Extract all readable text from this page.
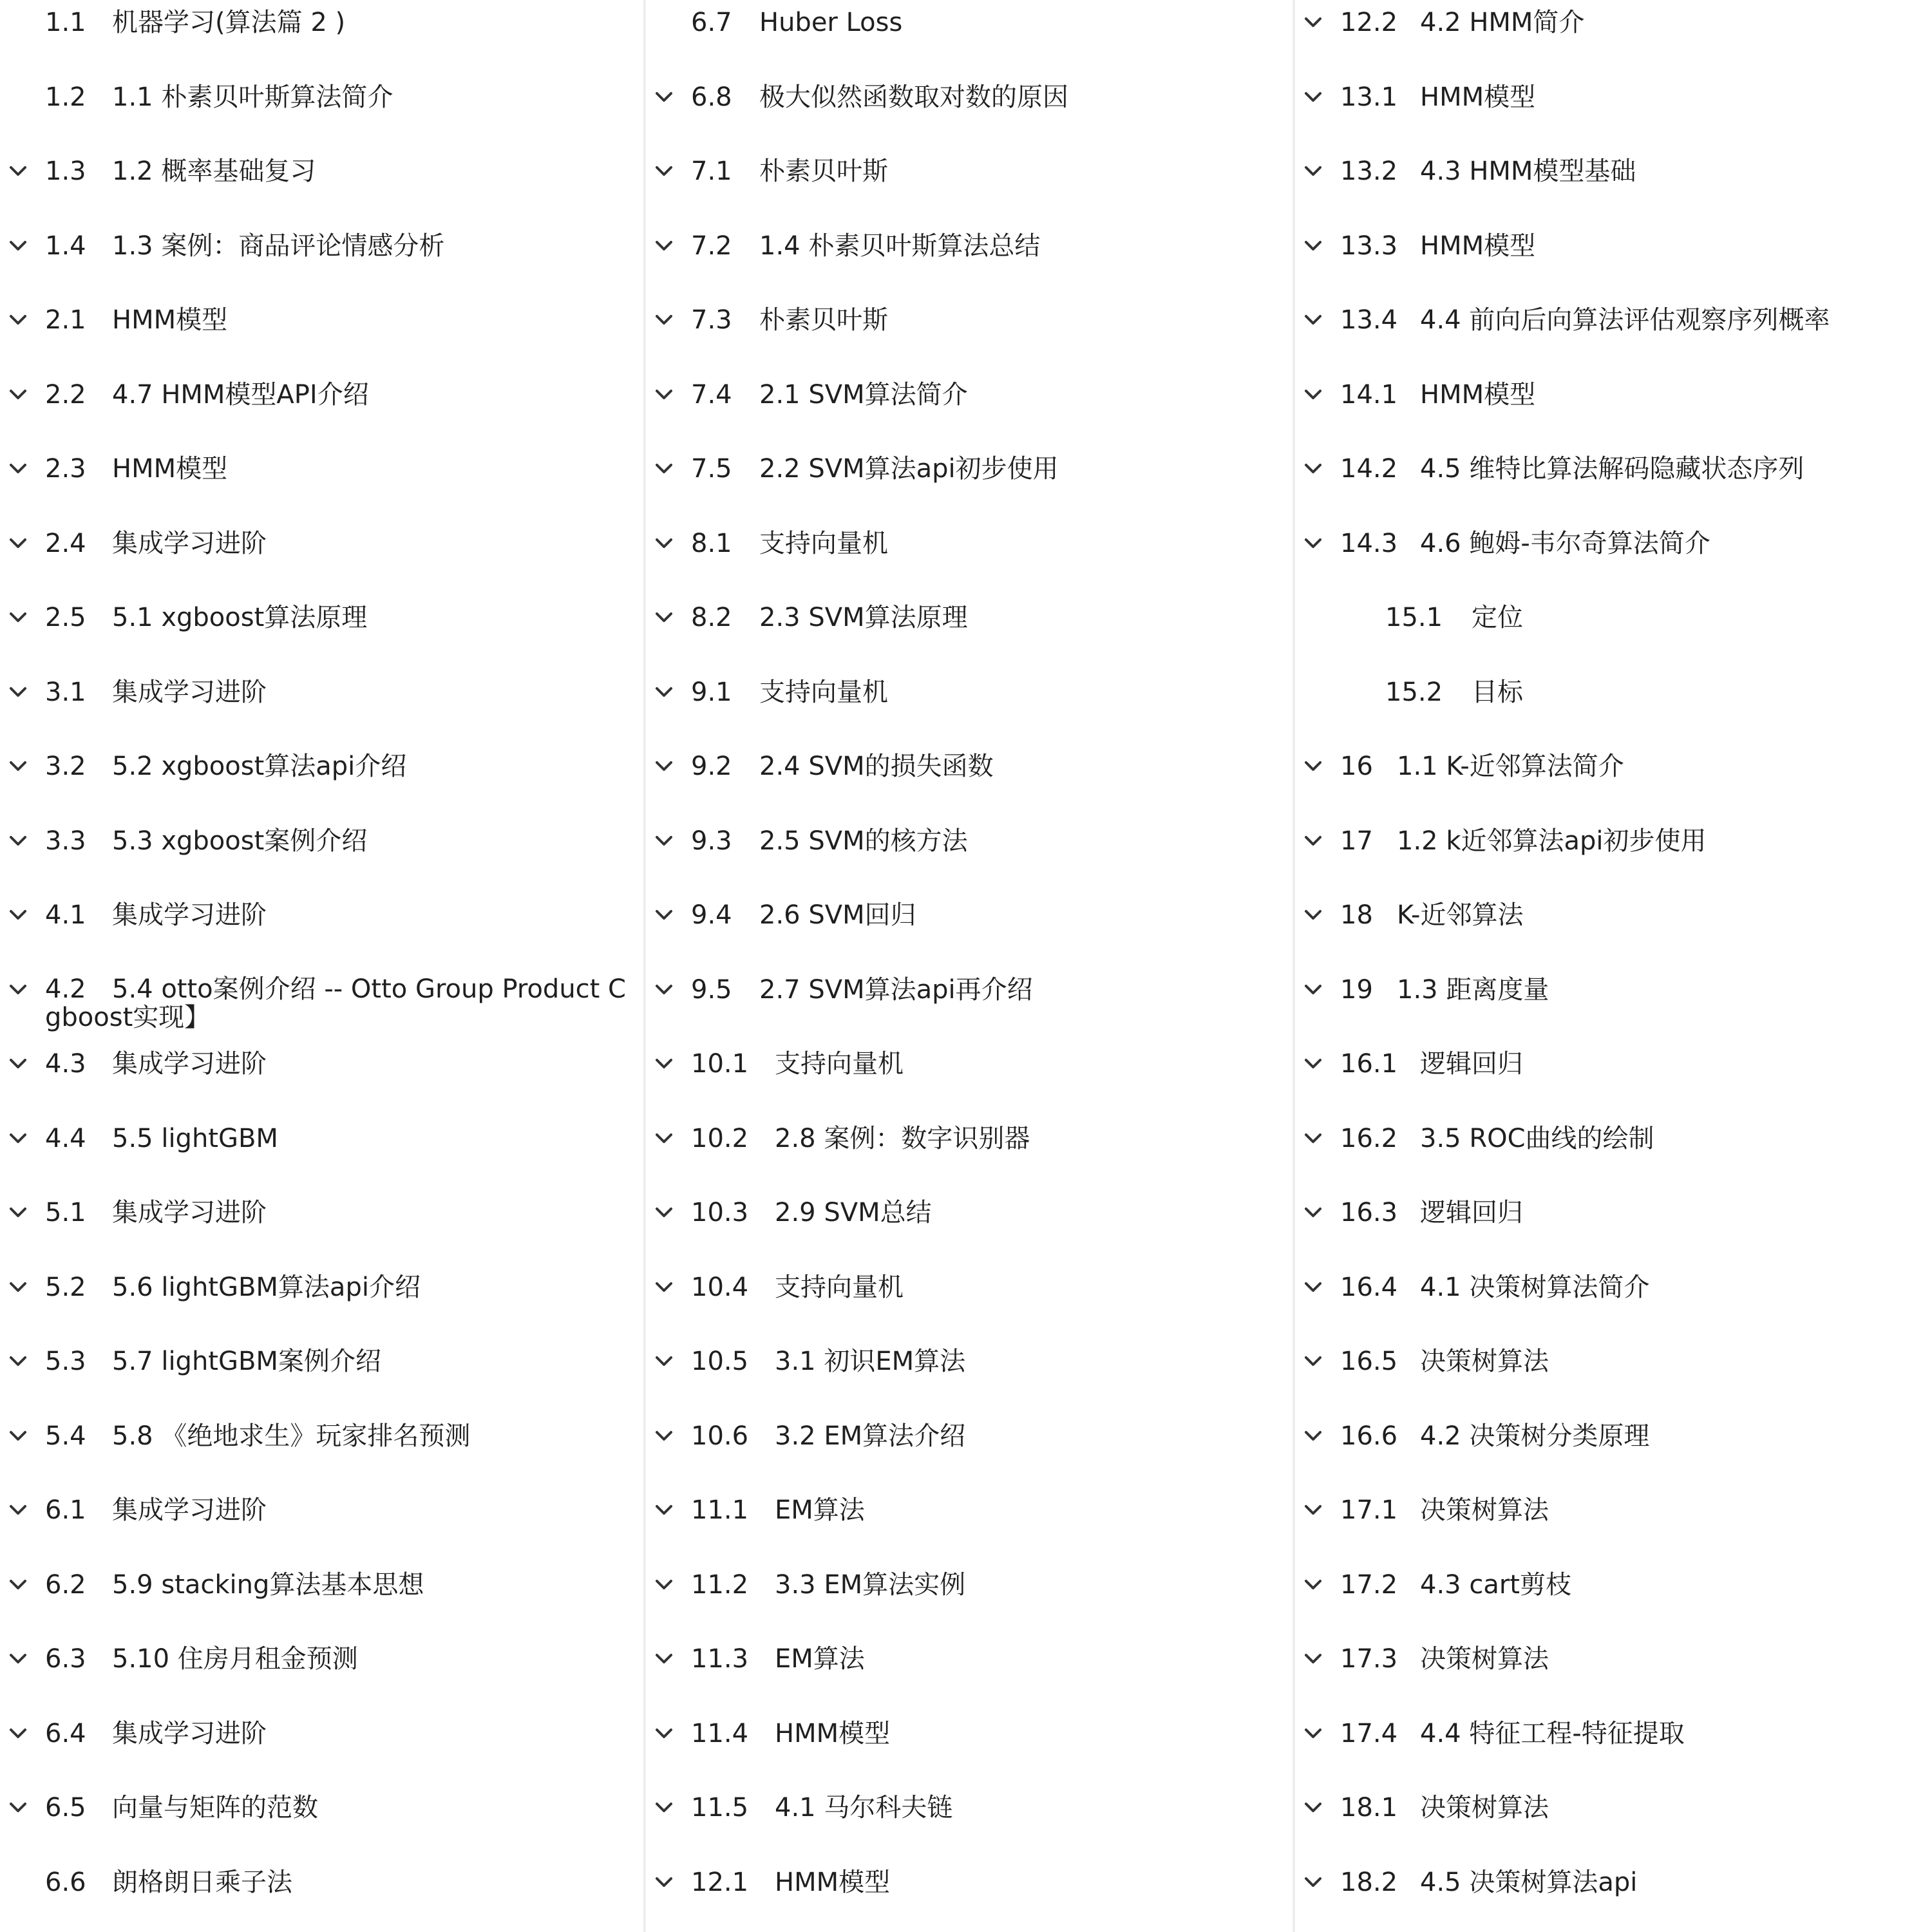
1.1 机器学习(算法篇 2 )
1.2 1.1 朴素贝叶斯算法简介
1.3 1.2 概率基础复习
1.4 1.3 案例：商品评论情感分析
2.1 HMM模型
2.2 4.7 HMM模型API介绍
2.3 HMM模型
2.4 集成学习进阶
2.5 5.1 xgboost算法原理
3.1 集成学习进阶
3.2 5.2 xgboost算法api介绍
3.3 5.3 xgboost案例介绍
4.1 集成学习进阶
4.2 5.4 otto案例介绍 -- Otto Group Product C
gboost实现】
4.3 集成学习进阶
4.4 5.5 lightGBM
5.1 集成学习进阶
5.2 5.6 lightGBM算法api介绍
5.3 5.7 lightGBM案例介绍
5.4 5.8 《绝地求生》玩家排名预测
6.1 集成学习进阶
6.2 5.9 stacking算法基本思想
6.3 5.10 住房月租金预测
6.4 集成学习进阶
6.5 向量与矩阵的范数
6.6 朗格朗日乘子法
6.7 Huber Loss
6.8 极大似然函数取对数的原因
7.1 朴素贝叶斯
7.2 1.4 朴素贝叶斯算法总结
7.3 朴素贝叶斯
7.4 2.1 SVM算法简介
7.5 2.2 SVM算法api初步使用
8.1 支持向量机
8.2 2.3 SVM算法原理
9.1 支持向量机
9.2 2.4 SVM的损失函数
9.3 2.5 SVM的核方法
9.4 2.6 SVM回归
9.5 2.7 SVM算法api再介绍
10.1 支持向量机
10.2 2.8 案例：数字识别器
10.3 2.9 SVM总结
10.4 支持向量机
10.5 3.1 初识EM算法
10.6 3.2 EM算法介绍
11.1 EM算法
11.2 3.3 EM算法实例
11.3 EM算法
11.4 HMM模型
11.5 4.1 马尔科夫链
12.1 HMM模型
12.2 4.2 HMM简介
13.1 HMM模型
13.2 4.3 HMM模型基础
13.3 HMM模型
13.4 4.4 前向后向算法评估观察序列概率
14.1 HMM模型
14.2 4.5 维特比算法解码隐藏状态序列
14.3 4.6 鲍姆-韦尔奇算法简介
15.1 定位
15.2 目标
16 1.1 K-近邻算法简介
17 1.2 k近邻算法api初步使用
18 K-近邻算法
19 1.3 距离度量
16.1 逻辑回归
16.2 3.5 ROC曲线的绘制
16.3 逻辑回归
16.4 4.1 决策树算法简介
16.5 决策树算法
16.6 4.2 决策树分类原理
17.1 决策树算法
17.2 4.3 cart剪枝
17.3 决策树算法
17.4 4.4 特征工程-特征提取
18.1 决策树算法
18.2 4.5 决策树算法api
